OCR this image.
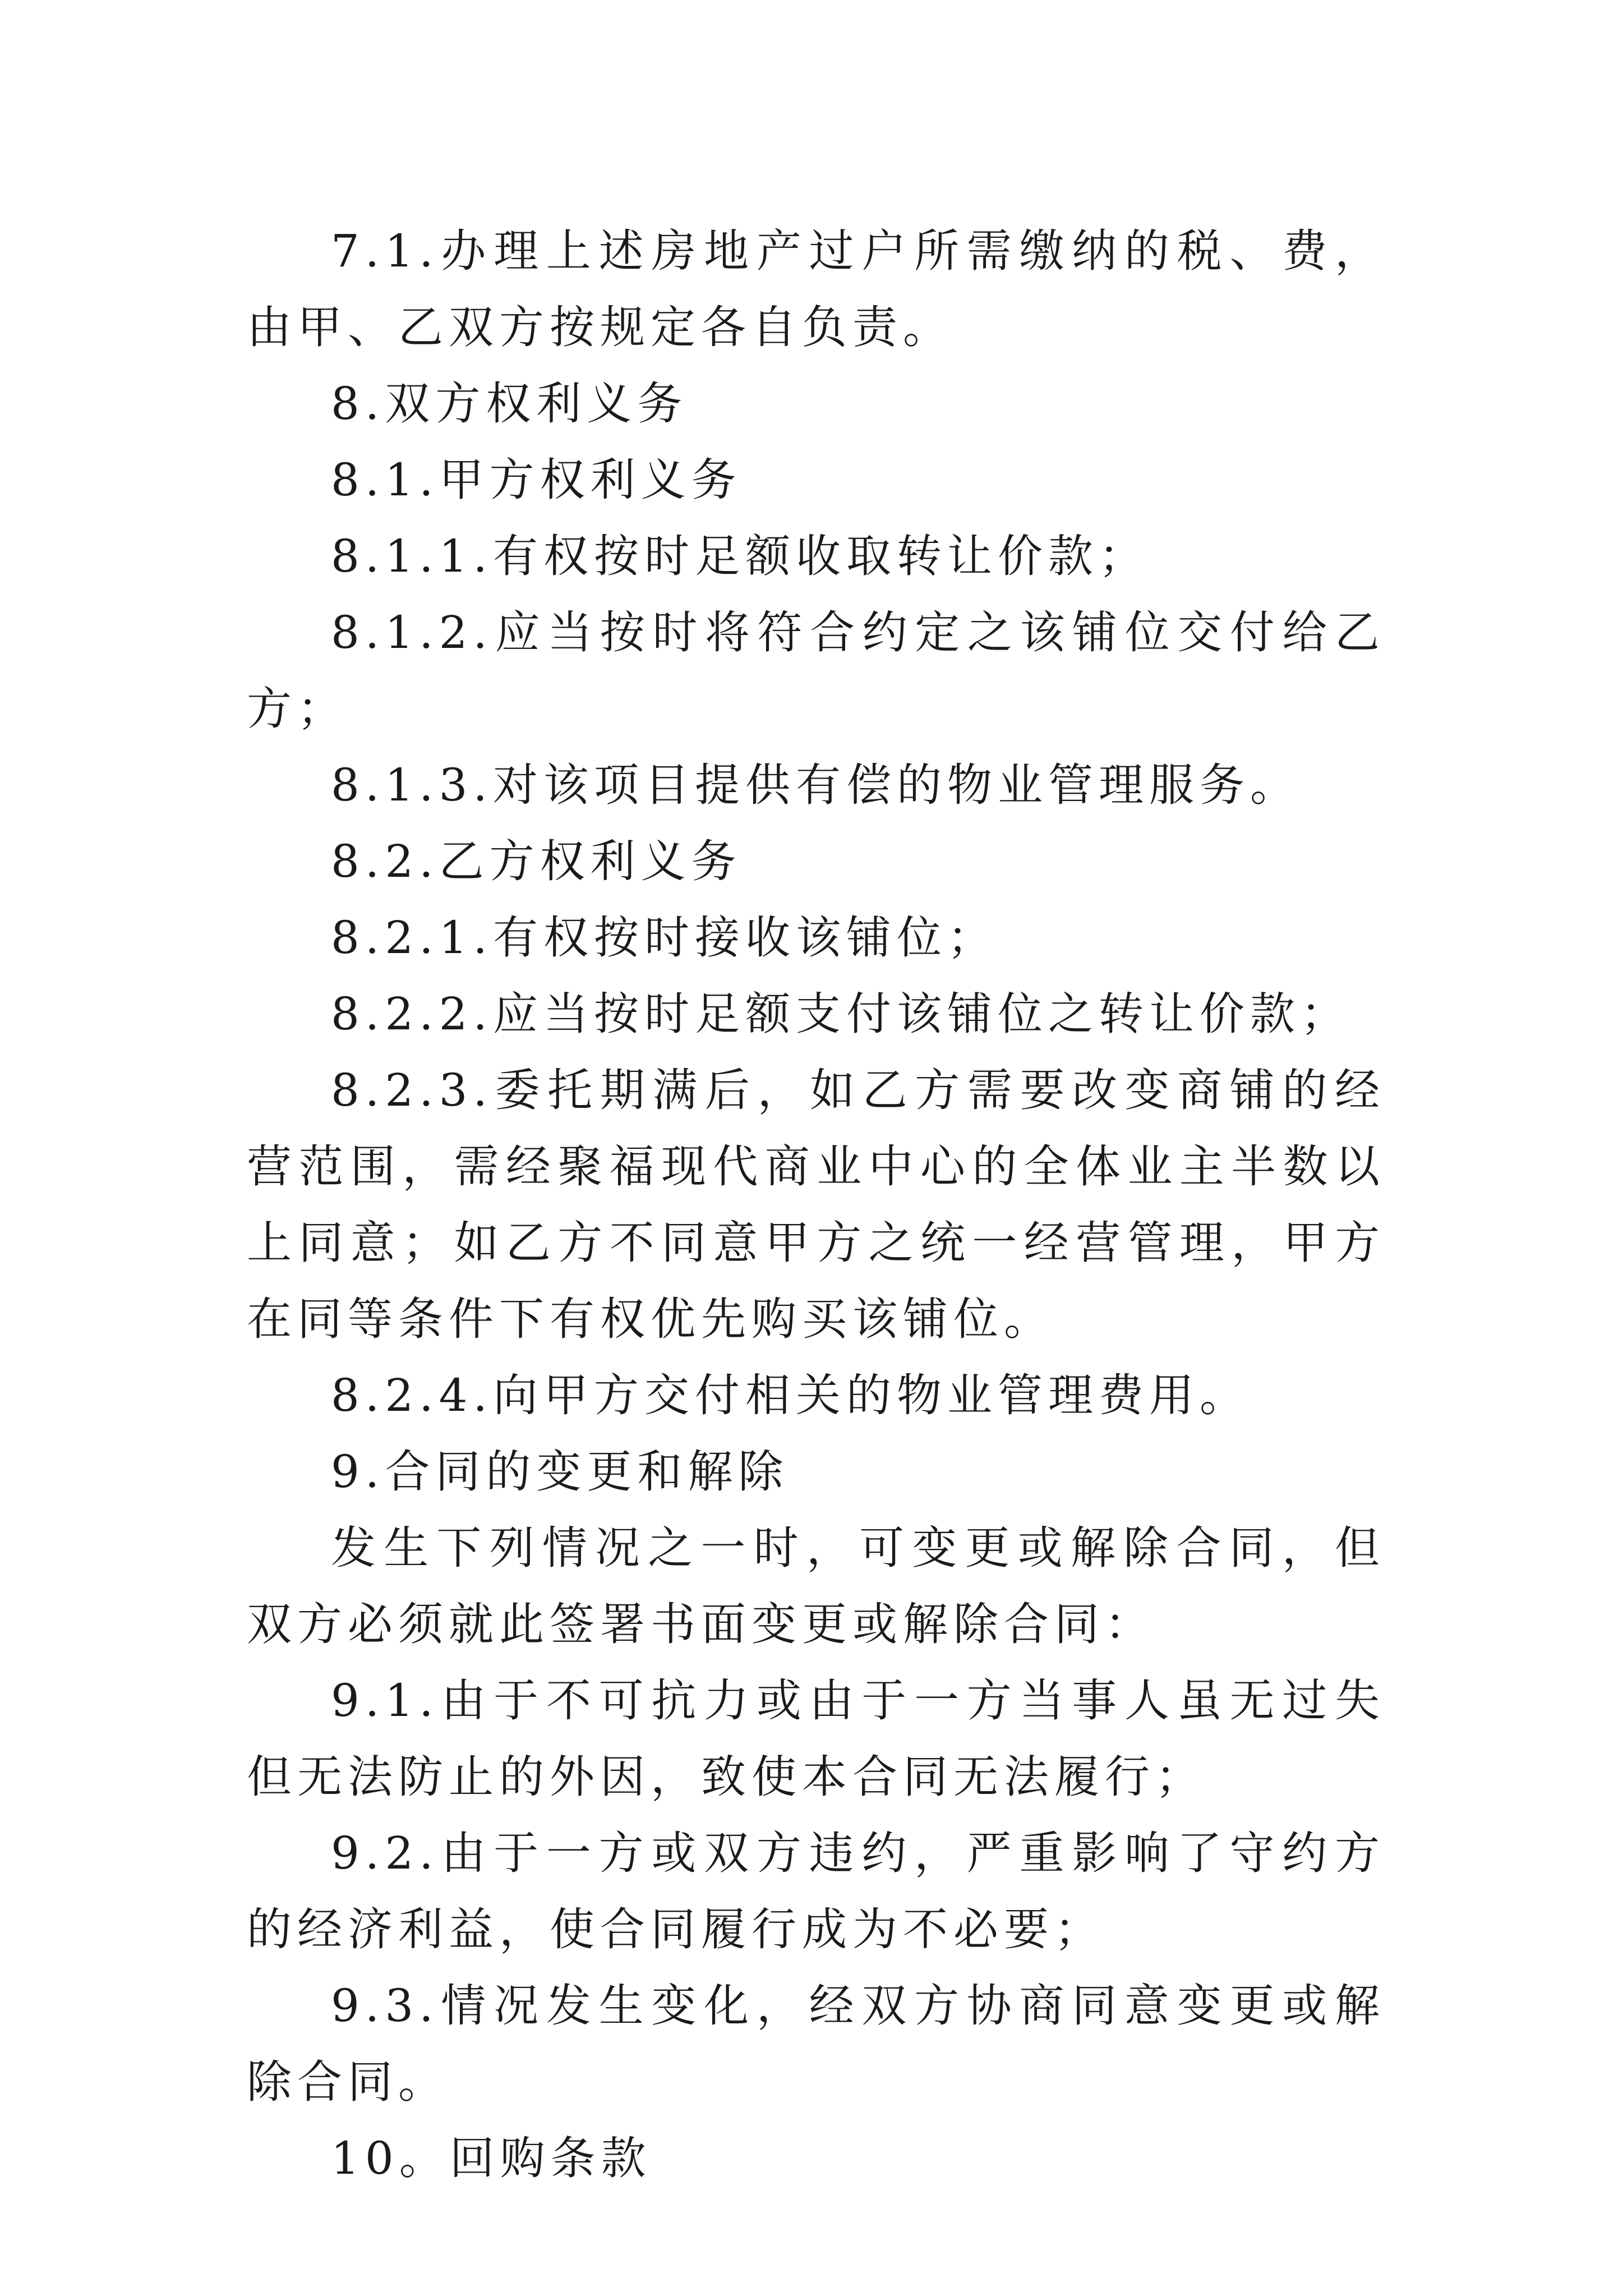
7.1.办理上述房地产过户所需缴纳的税、费，由甲、乙双方按规定各自负责。

8.双方权利义务

8.1.甲方权利义务

8.1.1.有权按时足额收取转让价款；

8.1.2.应当按时将符合约定之该铺位交付给乙方；

8.1.3.对该项目提供有偿的物业管理服务。

8.2.乙方权利义务

8.2.1.有权按时接收该铺位；

8.2.2.应当按时足额支付该铺位之转让价款；

8.2.3.委托期满后，如乙方需要改变商铺的经营范围，需经聚福现代商业中心的全体业主半数以上同意；如乙方不同意甲方之统一经营管理，甲方在同等条件下有权优先购买该铺位。

8.2.4.向甲方交付相关的物业管理费用。

9.合同的变更和解除

发生下列情况之一时，可变更或解除合同，但双方必须就此签署书面变更或解除合同：

9.1.由于不可抗力或由于一方当事人虽无过失但无法防止的外因，致使本合同无法履行；

9.2.由于一方或双方违约，严重影响了守约方的经济利益，使合同履行成为不必要；

9.3.情况发生变化，经双方协商同意变更或解除合同。

10。回购条款
